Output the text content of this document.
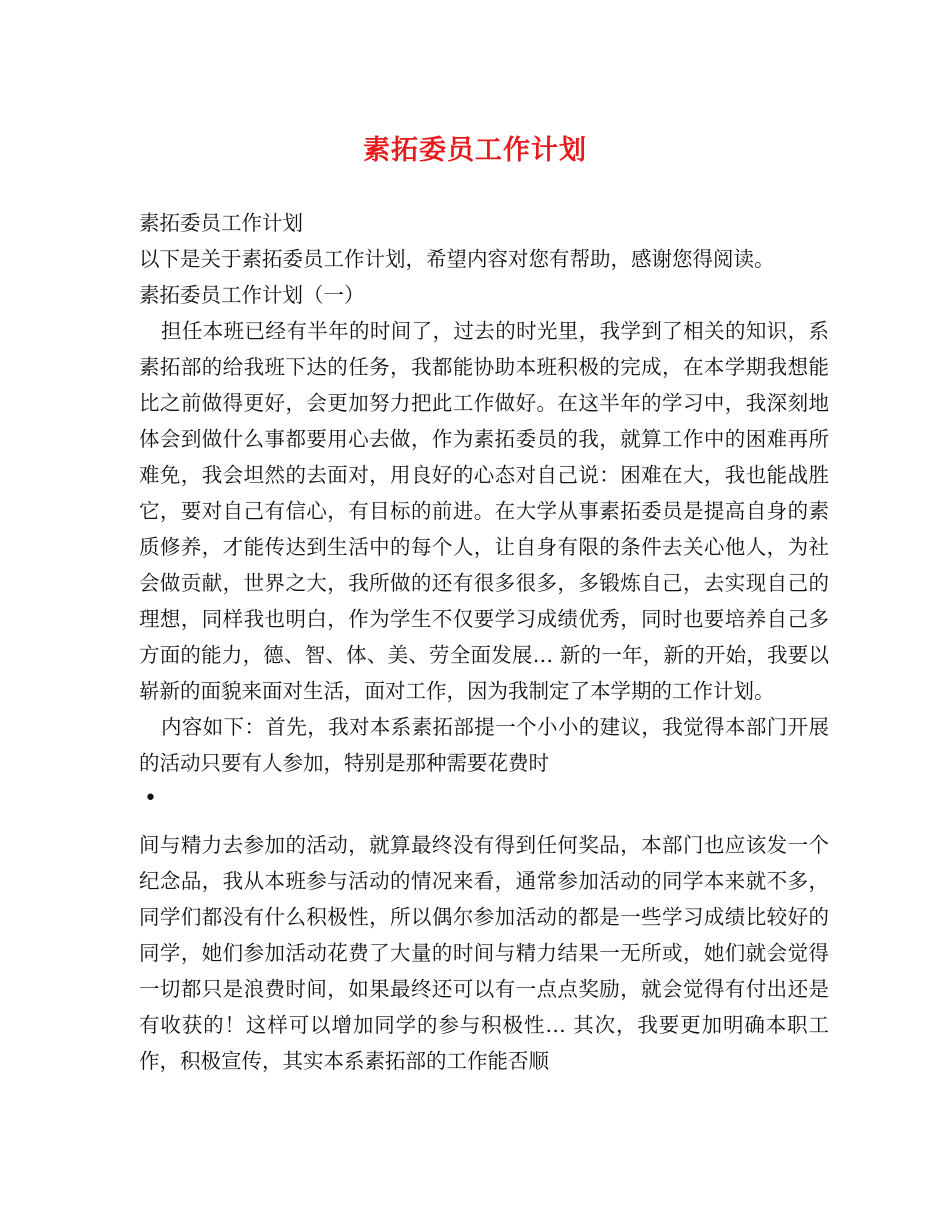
素拓委员工作计划

素拓委员工作计划

以下是关于素拓委员工作计划，希望内容对您有帮助，感谢您得阅读。

素拓委员工作计划（一）

担任本班已经有半年的时间了，过去的时光里，我学到了相关的知识，系素拓部的给我班下达的任务，我都能协助本班积极的完成，在本学期我想能比之前做得更好，会更加努力把此工作做好。在这半年的学习中，我深刻地体会到做什么事都要用心去做，作为素拓委员的我，就算工作中的困难再所难免，我会坦然的去面对，用良好的心态对自己说：困难在大，我也能战胜它，要对自己有信心，有目标的前进。在大学从事素拓委员是提高自身的素质修养，才能传达到生活中的每个人，让自身有限的条件去关心他人，为社会做贡献，世界之大，我所做的还有很多很多，多锻炼自己，去实现自己的理想，同样我也明白，作为学生不仅要学习成绩优秀，同时也要培养自己多方面的能力，德、智、体、美、劳全面发展… 新的一年，新的开始，我要以崭新的面貌来面对生活，面对工作，因为我制定了本学期的工作计划。

内容如下：首先，我对本系素拓部提一个小小的建议，我觉得本部门开展的活动只要有人参加，特别是那种需要花费时

•

间与精力去参加的活动，就算最终没有得到任何奖品，本部门也应该发一个纪念品，我从本班参与活动的情况来看，通常参加活动的同学本来就不多，同学们都没有什么积极性，所以偶尔参加活动的都是一些学习成绩比较好的同学，她们参加活动花费了大量的时间与精力结果一无所或，她们就会觉得一切都只是浪费时间，如果最终还可以有一点点奖励，就会觉得有付出还是有收获的！这样可以增加同学的参与积极性… 其次，我要更加明确本职工作，积极宣传，其实本系素拓部的工作能否顺
